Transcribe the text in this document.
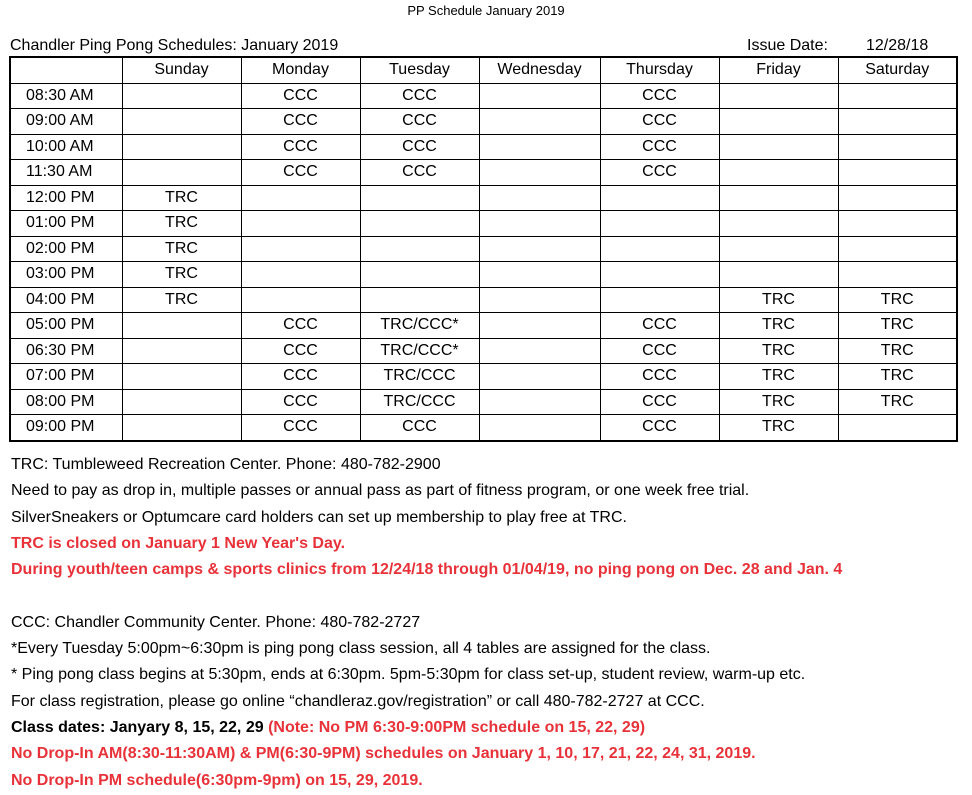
PP Schedule January 2019
Chandler Ping Pong Schedules: January 2019	Issue Date: 12/28/18
	Sunday	Monday	Tuesday	Wednesday	Thursday	Friday	Saturday
08:30 AM		CCC	CCC		CCC		
09:00 AM		CCC	CCC		CCC		
10:00 AM		CCC	CCC		CCC		
11:30 AM		CCC	CCC		CCC		
12:00 PM	TRC						
01:00 PM	TRC						
02:00 PM	TRC						
03:00 PM	TRC						
04:00 PM	TRC					TRC	TRC
05:00 PM		CCC	TRC/CCC*		CCC	TRC	TRC
06:30 PM		CCC	TRC/CCC*		CCC	TRC	TRC
07:00 PM		CCC	TRC/CCC		CCC	TRC	TRC
08:00 PM		CCC	TRC/CCC		CCC	TRC	TRC
09:00 PM		CCC	CCC		CCC	TRC	
TRC: Tumbleweed Recreation Center. Phone: 480-782-2900
Need to pay as drop in, multiple passes or annual pass as part of fitness program, or one week free trial.
SilverSneakers or Optumcare card holders can set up membership to play free at TRC.
TRC is closed on January 1 New Year's Day.
During youth/teen camps & sports clinics from 12/24/18 through 01/04/19, no ping pong on Dec. 28 and Jan. 4
CCC: Chandler Community Center. Phone: 480-782-2727
*Every Tuesday 5:00pm~6:30pm is ping pong class session, all 4 tables are assigned for the class.
* Ping pong class begins at 5:30pm, ends at 6:30pm. 5pm-5:30pm for class set-up, student review, warm-up etc.
For class registration, please go online “chandleraz.gov/registration” or call 480-782-2727 at CCC.
Class dates: Janyary 8, 15, 22, 29 (Note: No PM 6:30-9:00PM schedule on 15, 22, 29)
No Drop-In AM(8:30-11:30AM) & PM(6:30-9PM) schedules on January 1, 10, 17, 21, 22, 24, 31, 2019.
No Drop-In PM schedule(6:30pm-9pm) on 15, 29, 2019.
